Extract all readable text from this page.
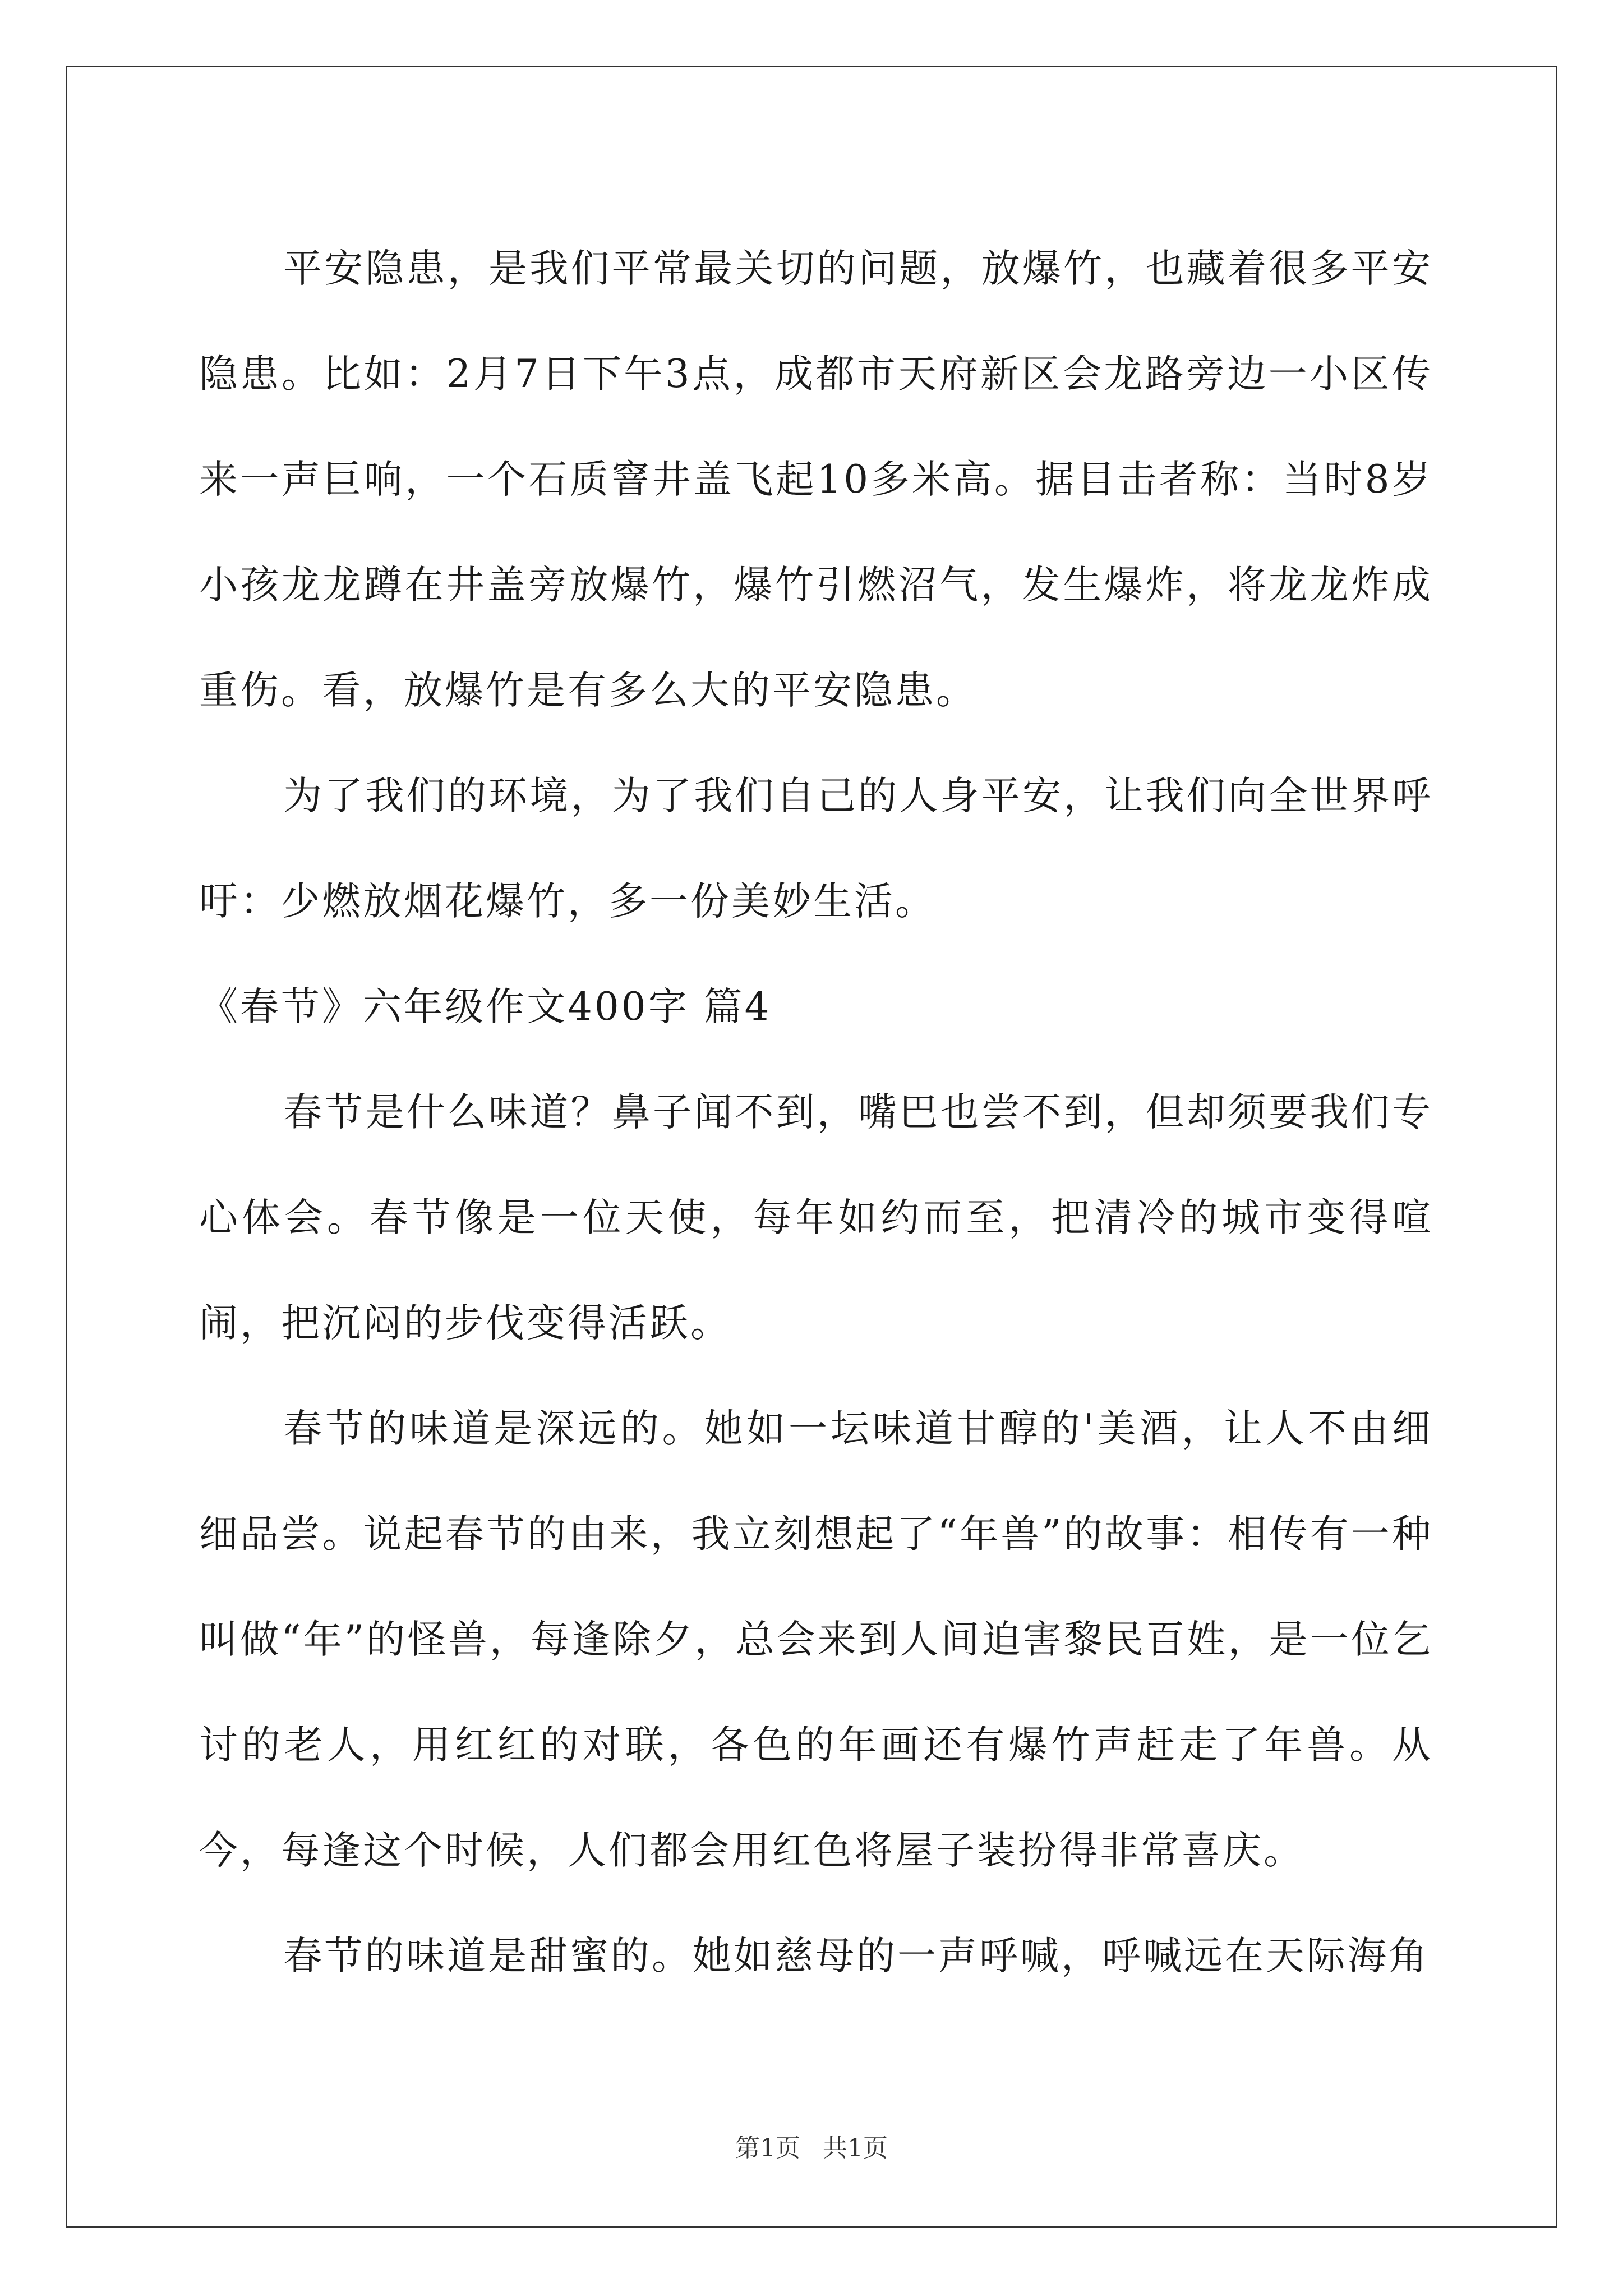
平安隐患，是我们平常最关切的问题，放爆竹，也藏着很多平安隐患。比如：2月7日下午3点，成都市天府新区会龙路旁边一小区传来一声巨响，一个石质窨井盖飞起10多米高。据目击者称：当时8岁小孩龙龙蹲在井盖旁放爆竹，爆竹引燃沼气，发生爆炸，将龙龙炸成重伤。看，放爆竹是有多么大的平安隐患。

为了我们的环境，为了我们自己的人身平安，让我们向全世界呼吁：少燃放烟花爆竹，多一份美妙生活。

《春节》六年级作文400字 篇4

春节是什么味道？鼻子闻不到，嘴巴也尝不到，但却须要我们专心体会。春节像是一位天使，每年如约而至，把清冷的城市变得喧闹，把沉闷的步伐变得活跃。

春节的味道是深远的。她如一坛味道甘醇的'美酒，让人不由细细品尝。说起春节的由来，我立刻想起了“年兽”的故事：相传有一种叫做“年”的怪兽，每逢除夕，总会来到人间迫害黎民百姓，是一位乞讨的老人，用红红的对联，各色的年画还有爆竹声赶走了年兽。从今，每逢这个时候，人们都会用红色将屋子装扮得非常喜庆。

春节的味道是甜蜜的。她如慈母的一声呼喊，呼喊远在天际海角

第1页 共1页
